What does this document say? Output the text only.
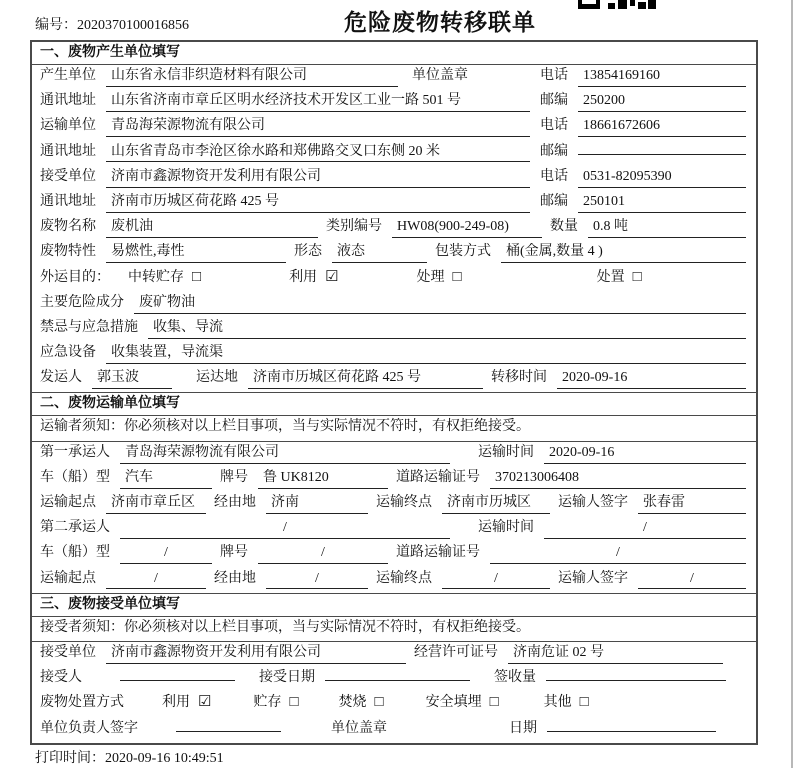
编号：2020370100016856	危险废物转移联单
一、废物产生单位填写
产生单位	山东省永信非织造材料有限公司	单位盖章	电话	13854169160
通讯地址	山东省济南市章丘区明水经济技术开发区工业一路 501 号	邮编	250200
运输单位	青岛海荣源物流有限公司	电话	18661672606
通讯地址	山东省青岛市李沧区徐水路和郑佛路交叉口东侧 20 米	邮编
接受单位	济南市鑫源物资开发利用有限公司	电话	0531-82095390
通讯地址	济南市历城区荷花路 425 号	邮编	250101
废物名称	废机油	类别编号	HW08(900-249-08)	数量	0.8 吨
废物特性	易燃性,毒性	形态	液态	包装方式	桶(金属,数量 4 )
外运目的： 中转贮存 □	利用 ☑	处理 □	处置 □
主要危险成分	废矿物油
禁忌与应急措施	收集、导流
应急设备	收集装置，导流渠
发运人	郭玉波	运达地	济南市历城区荷花路 425 号	转移时间	2020-09-16
二、废物运输单位填写
运输者须知：你必须核对以上栏目事项，当与实际情况不符时，有权拒绝接受。
第一承运人	青岛海荣源物流有限公司	运输时间	2020-09-16
车（船）型	汽车	牌号	鲁 UK8120	道路运输证号	370213006408
运输起点	济南市章丘区	经由地	济南	运输终点	济南市历城区	运输人签字	张春雷
第二承运人	/	运输时间	/
车（船）型	/	牌号	/	道路运输证号	/
运输起点	/	经由地	/	运输终点	/	运输人签字	/
三、废物接受单位填写
接受者须知：你必须核对以上栏目事项，当与实际情况不符时，有权拒绝接受。
接受单位	济南市鑫源物资开发利用有限公司	经营许可证号	济南危证 02 号
接受人	接受日期	签收量
废物处置方式	利用 ☑	贮存 □	焚烧 □	安全填埋 □	其他 □
单位负责人签字	单位盖章	日期
打印时间：2020-09-16 10:49:51
